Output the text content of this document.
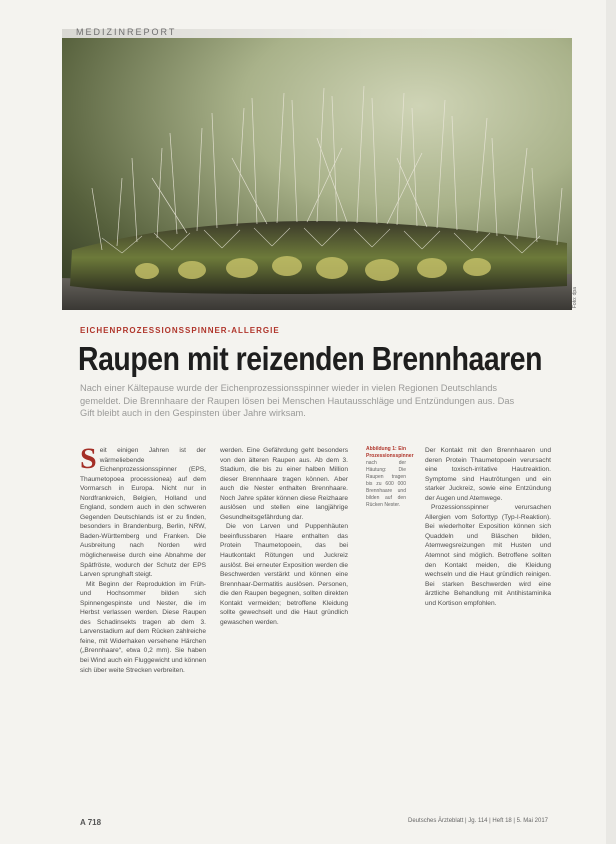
MEDIZINREPORT
Foto: dpa
EICHENPROZESSIONSSPINNER-ALLERGIE
Raupen mit reizenden Brennhaaren
Nach einer Kältepause wurde der Eichenprozessionsspinner wieder in vielen Regionen Deutschlands gemeldet. Die Brennhaare der Raupen lösen bei Menschen Hautausschläge und Entzündungen aus. Das Gift bleibt auch in den Gespinsten über Jahre wirksam.
S eit einigen Jahren ist der wärmeliebende Eichenprozessionsspinner (EPS, Thaumetopoea processionea) auf dem Vormarsch in Europa. Nicht nur in Nordfrankreich, Belgien, Holland und England, sondern auch in den schweren Gegenden Deutschlands ist er zu finden, besonders in Brandenburg, Berlin, NRW, Baden-Württemberg und Franken. Die Ausbreitung nach Norden wird möglicherweise durch eine Abnahme der Spätfröste, wodurch der Schutz der EPS Larven sprunghaft steigt.

Mit Beginn der Reproduktion im Früh- und Hochsommer bilden sich Spinnengespinste und Nester, die im Herbst verlassen werden. Diese Raupen des Schadinsekts tragen ab dem 3. Larvenstadium auf dem Rücken zahlreiche feine, mit Widerhaken versehene Härchen („Brennhaare“, etwa 0,2 mm). Sie haben bei Wind auch ein Fluggewicht und können sich über weite Strecken verbreiten.

werden. Eine Gefährdung geht besonders von den älteren Raupen aus. Ab dem 3. Stadium, die bis zu einer halben Million dieser Brennhaare tragen können. Aber auch die Nester enthalten Brennhaare. Noch Jahre später können diese Reizhaare auslösen und stellen eine langjährige Gesundheitsgefährdung dar.

Die von Larven und Puppenhäuten beeinflussbaren Haare enthalten das Protein Thaumetopoein, das bei Hautkontakt Rötungen und Juckreiz auslöst. Bei erneuter Exposition werden die Beschwerden verstärkt und können eine Brennhaar-Dermatitis auslösen. Personen, die den Raupen begegnen, sollten direkten Kontakt vermeiden; betroffene Kleidung sollte gewechselt und die Haut gründlich gewaschen werden.

Abbildung 1: Ein Prozessionsspinner nach der Häutung: Die Raupen tragen bis zu 600 000 Brennhaare und bilden auf den Rücken Nester.

Der Kontakt mit den Brennhaaren und deren Protein Thaumetopoein verursacht eine toxisch-irritative Hautreaktion. Symptome sind Hautrötungen und ein starker Juckreiz, sowie eine Entzündung der Augen und Atemwege.

Prozessionsspinner verursachen Allergien vom Soforttyp (Typ-I-Reaktion). Bei wiederholter Exposition können sich Quaddeln und Bläschen bilden, Atemwegsreizungen mit Husten und Atemnot sind möglich. Betroffene sollten den Kontakt meiden, die Kleidung wechseln und die Haut gründlich reinigen. Bei starken Beschwerden wird eine ärztliche Behandlung mit Antihistaminika und Kortison empfohlen.

A 718	Deutsches Ärzteblatt | Jg. 114 | Heft 18 | 5. Mai 2017
